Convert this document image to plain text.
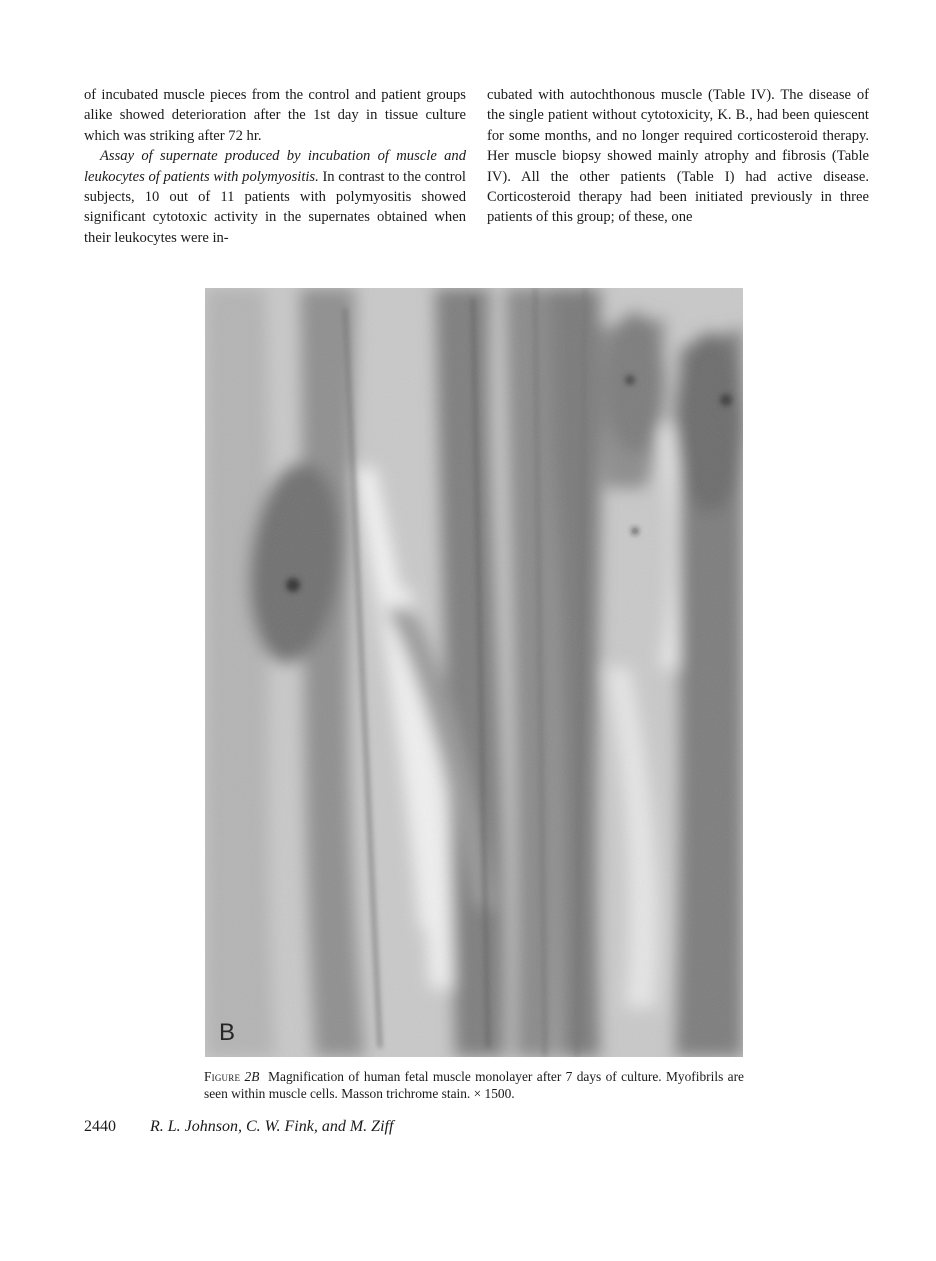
of incubated muscle pieces from the control and patient groups alike showed deterioration after the 1st day in tissue culture which was striking after 72 hr.

Assay of supernate produced by incubation of muscle and leukocytes of patients with polymyositis. In contrast to the control subjects, 10 out of 11 patients with polymyositis showed significant cytotoxic activity in the supernates obtained when their leukocytes were in-

cubated with autochthonous muscle (Table IV). The disease of the single patient without cytotoxicity, K. B., had been quiescent for some months, and no longer required corticosteroid therapy. Her muscle biopsy showed mainly atrophy and fibrosis (Table IV). All the other patients (Table I) had active disease. Corticosteroid therapy had been initiated previously in three patients of this group; of these, one

B
Figure 2B Magnification of human fetal muscle monolayer after 7 days of culture. Myofibrils are seen within muscle cells. Masson trichrome stain. × 1500.
2440 R. L. Johnson, C. W. Fink, and M. Ziff
